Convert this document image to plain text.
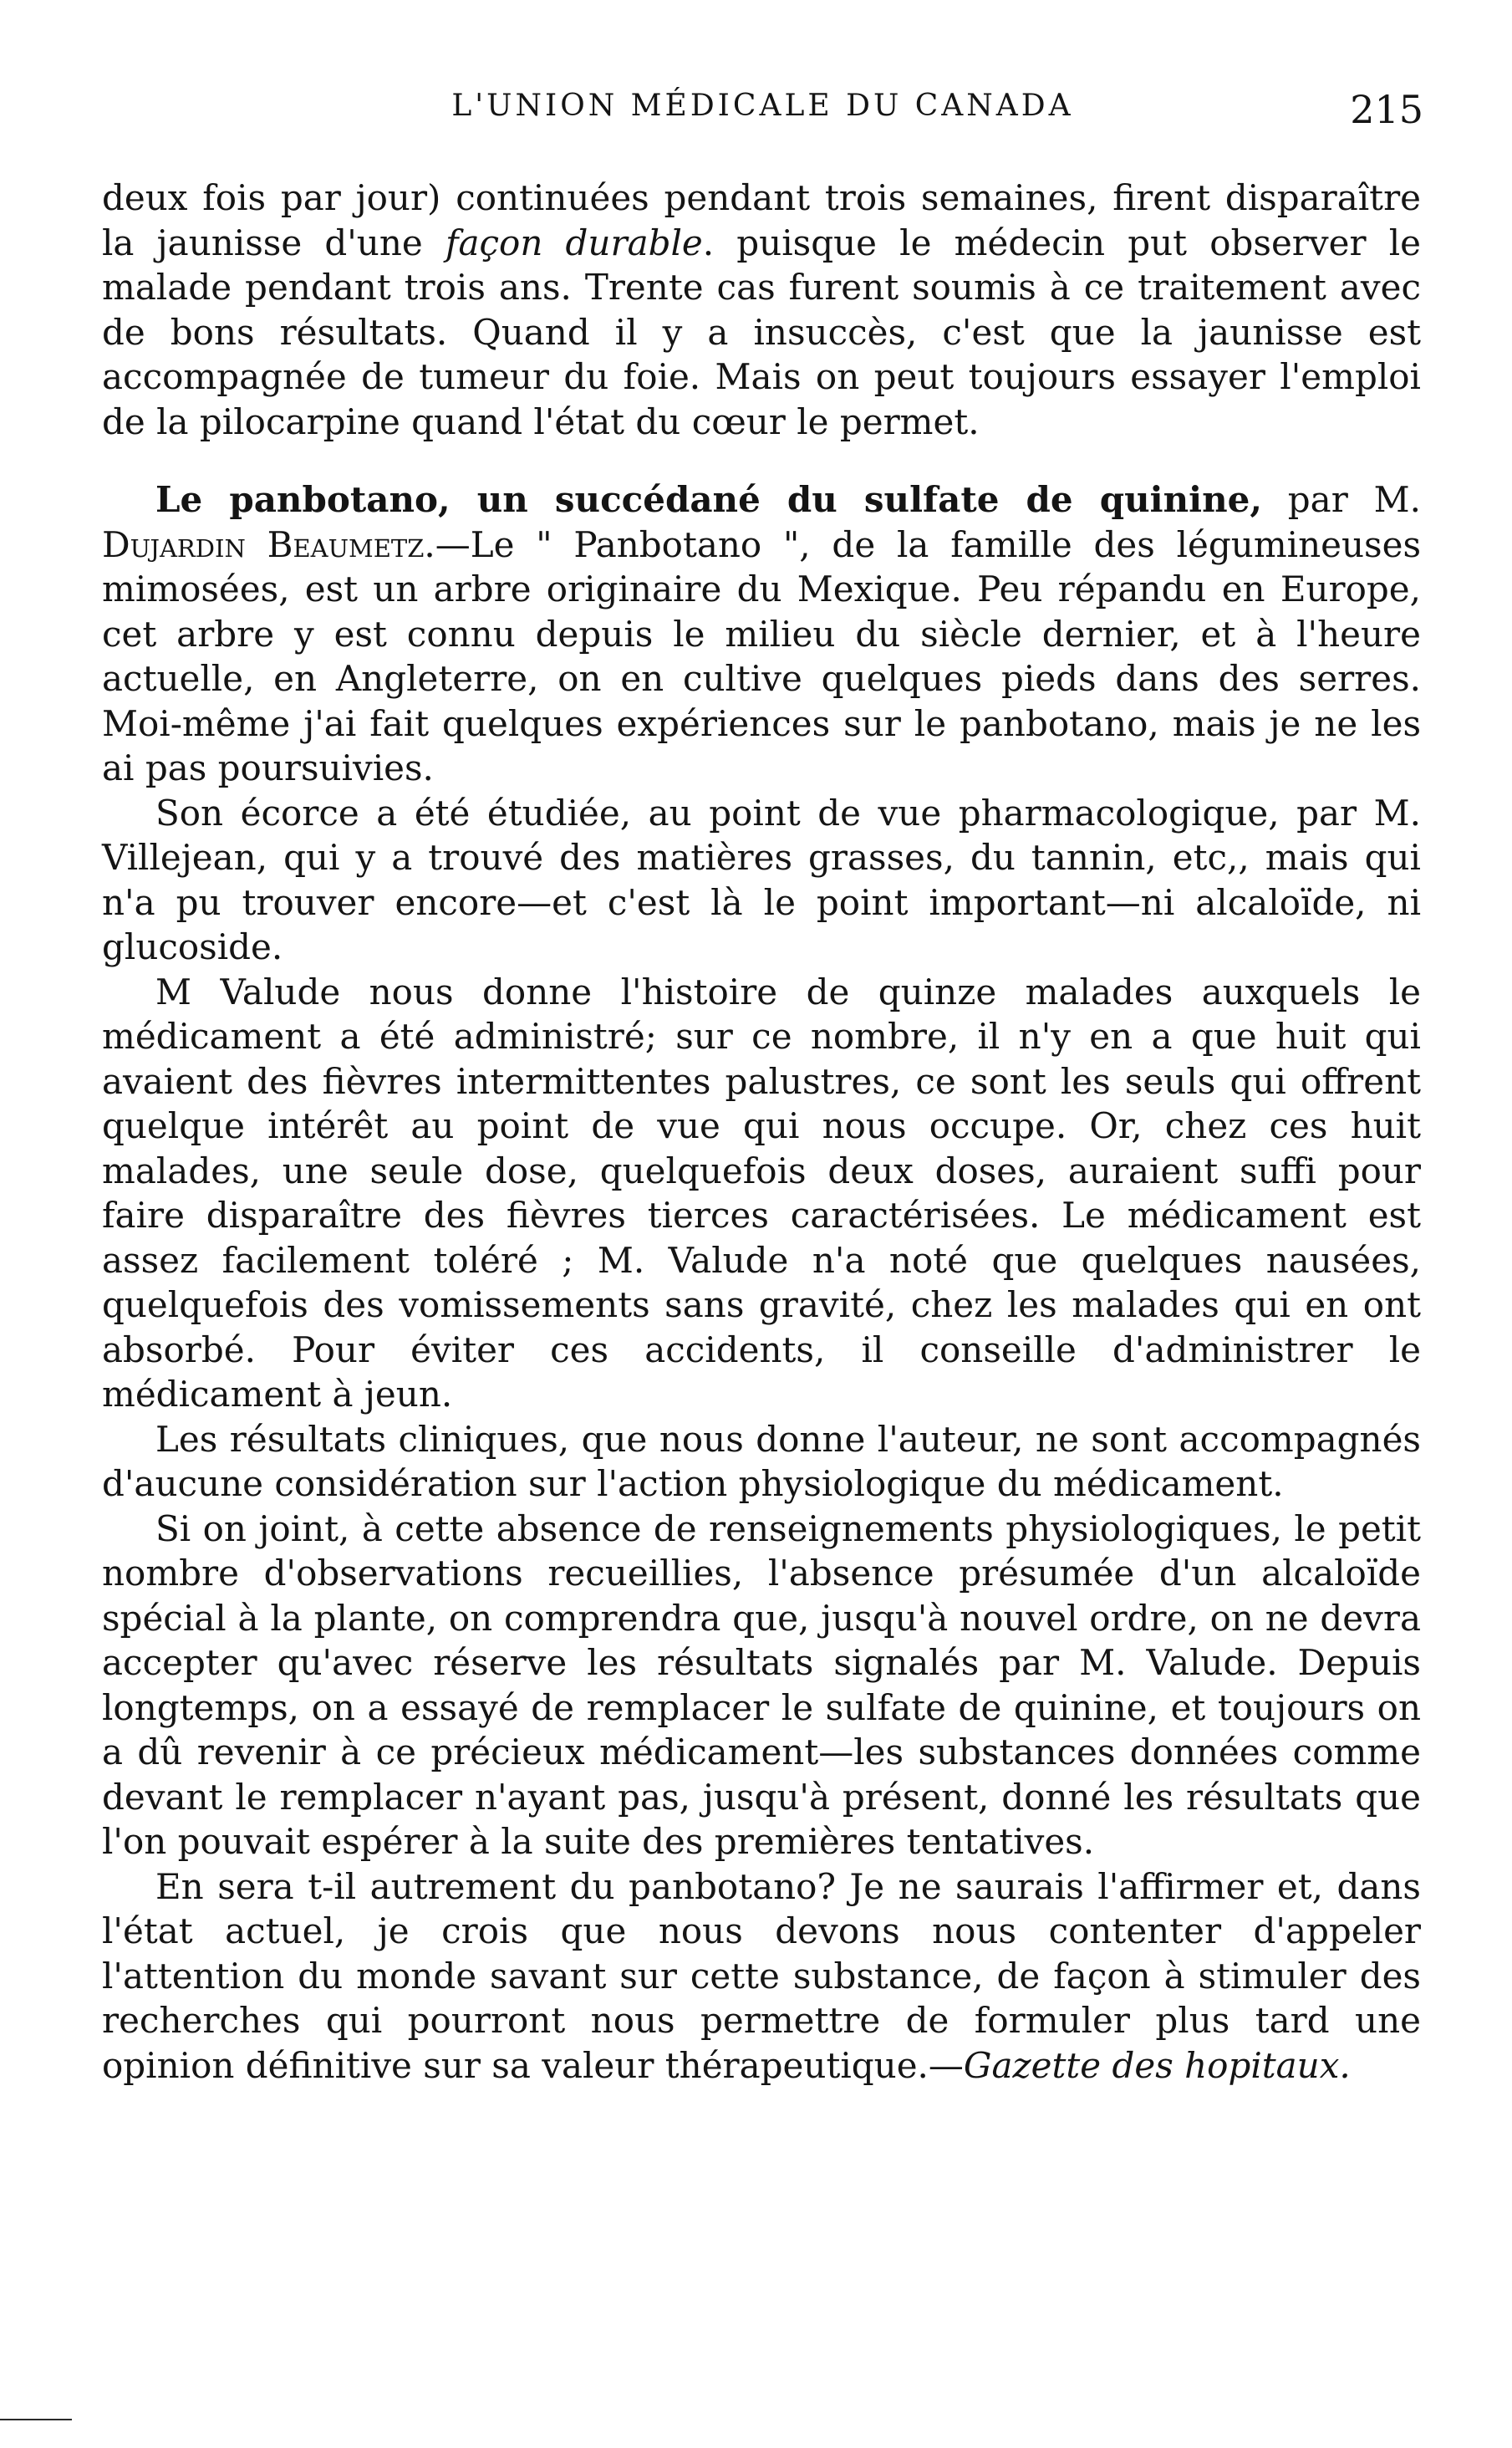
L'UNION MÉDICALE DU CANADA	215

deux fois par jour) continuées pendant trois semaines, firent disparaître la jaunisse d'une façon durable. puisque le médecin put observer le malade pendant trois ans. Trente cas furent soumis à ce traitement avec de bons résultats. Quand il y a insuccès, c'est que la jaunisse est accompagnée de tumeur du foie. Mais on peut toujours essayer l'emploi de la pilocarpine quand l'état du cœur le permet.

Le panbotano, un succédané du sulfate de quinine, par M. Dujardin Beaumetz.—Le " Panbotano ", de la famille des légumineuses mimosées, est un arbre originaire du Mexique. Peu répandu en Europe, cet arbre y est connu depuis le milieu du siècle dernier, et à l'heure actuelle, en Angleterre, on en cultive quelques pieds dans des serres. Moi-même j'ai fait quelques expériences sur le panbotano, mais je ne les ai pas poursuivies.

Son écorce a été étudiée, au point de vue pharmacologique, par M. Villejean, qui y a trouvé des matières grasses, du tannin, etc,, mais qui n'a pu trouver encore—et c'est là le point important—ni alcaloïde, ni glucoside.

M Valude nous donne l'histoire de quinze malades auxquels le médicament a été administré; sur ce nombre, il n'y en a que huit qui avaient des fièvres intermittentes palustres, ce sont les seuls qui offrent quelque intérêt au point de vue qui nous occupe. Or, chez ces huit malades, une seule dose, quelquefois deux doses, auraient suffi pour faire disparaître des fièvres tierces caractérisées. Le médicament est assez facilement toléré ; M. Valude n'a noté que quelques nausées, quelquefois des vomissements sans gravité, chez les malades qui en ont absorbé. Pour éviter ces accidents, il conseille d'administrer le médicament à jeun.

Les résultats cliniques, que nous donne l'auteur, ne sont accompagnés d'aucune considération sur l'action physiologique du médicament.

Si on joint, à cette absence de renseignements physiologiques, le petit nombre d'observations recueillies, l'absence présumée d'un alcaloïde spécial à la plante, on comprendra que, jusqu'à nouvel ordre, on ne devra accepter qu'avec réserve les résultats signalés par M. Valude. Depuis longtemps, on a essayé de remplacer le sulfate de quinine, et toujours on a dû revenir à ce précieux médicament—les substances données comme devant le remplacer n'ayant pas, jusqu'à présent, donné les résultats que l'on pouvait espérer à la suite des premières tentatives.

En sera t-il autrement du panbotano? Je ne saurais l'affirmer et, dans l'état actuel, je crois que nous devons nous contenter d'appeler l'attention du monde savant sur cette substance, de façon à stimuler des recherches qui pourront nous permettre de formuler plus tard une opinion définitive sur sa valeur thérapeutique.—Gazette des hopitaux.
